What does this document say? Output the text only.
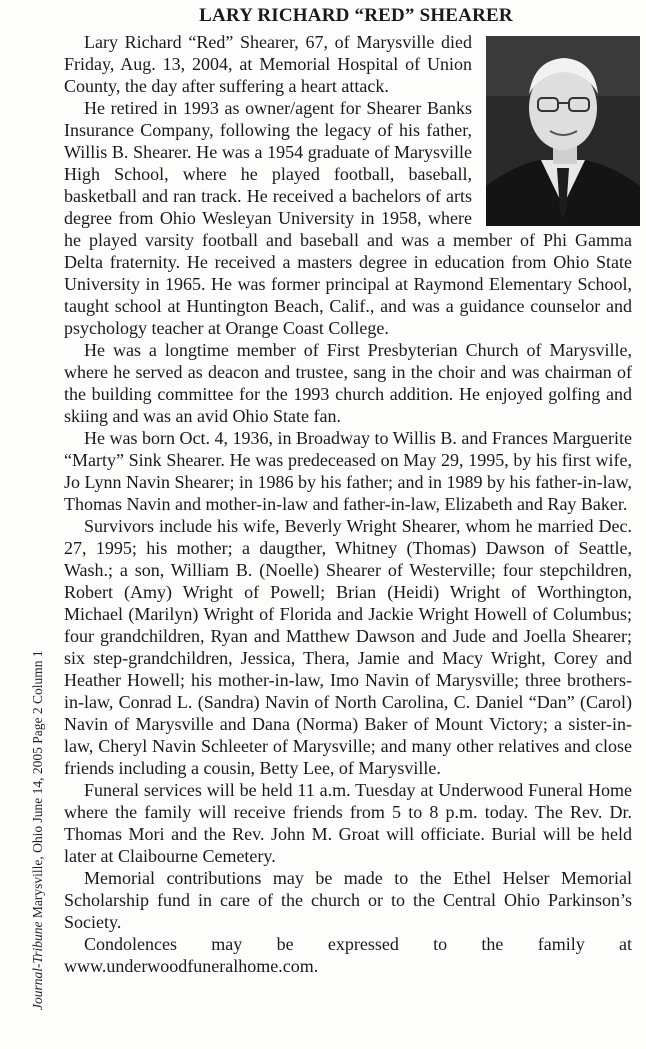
Journal-Tribune Marysville, Ohio June 14, 2005 Page 2 Column 1
LARY RICHARD “RED” SHEARER

Lary Richard “Red” Shearer, 67, of Marysville died Friday, Aug. 13, 2004, at Memorial Hospital of Union County, the day after suffering a heart attack.

He retired in 1993 as owner/agent for Shearer Banks Insurance Company, following the legacy of his father, Willis B. Shearer. He was a 1954 graduate of Marysville High School, where he played football, baseball, basketball and ran track. He received a bachelors of arts degree from Ohio Wesleyan University in 1958, where he played varsity football and baseball and was a member of Phi Gamma Delta fraternity. He received a masters degree in education from Ohio State University in 1965. He was former principal at Raymond Elementary School, taught school at Huntington Beach, Calif., and was a guidance counselor and psychology teacher at Orange Coast College.

He was a longtime member of First Presbyterian Church of Marysville, where he served as deacon and trustee, sang in the choir and was chairman of the building committee for the 1993 church addition. He enjoyed golfing and skiing and was an avid Ohio State fan.

He was born Oct. 4, 1936, in Broadway to Willis B. and Frances Marguerite “Marty” Sink Shearer. He was predeceased on May 29, 1995, by his first wife, Jo Lynn Navin Shearer; in 1986 by his father; and in 1989 by his father-in-law, Thomas Navin and mother-in-law and father-in-law, Elizabeth and Ray Baker.

Survivors include his wife, Beverly Wright Shearer, whom he married Dec. 27, 1995; his mother; a daugther, Whitney (Thomas) Dawson of Seattle, Wash.; a son, William B. (Noelle) Shearer of Westerville; four stepchildren, Robert (Amy) Wright of Powell; Brian (Heidi) Wright of Worthington, Michael (Marilyn) Wright of Florida and Jackie Wright Howell of Columbus; four grandchildren, Ryan and Matthew Dawson and Jude and Joella Shearer; six step-grandchildren, Jessica, Thera, Jamie and Macy Wright, Corey and Heather Howell; his mother-in-law, Imo Navin of Marysville; three brothers-in-law, Conrad L. (Sandra) Navin of North Carolina, C. Daniel “Dan” (Carol) Navin of Marysville and Dana (Norma) Baker of Mount Victory; a sister-in-law, Cheryl Navin Schleeter of Marysville; and many other relatives and close friends including a cousin, Betty Lee, of Marysville.

Funeral services will be held 11 a.m. Tuesday at Underwood Funeral Home where the family will receive friends from 5 to 8 p.m. today. The Rev. Dr. Thomas Mori and the Rev. John M. Groat will officiate. Burial will be held later at Claibourne Cemetery.

Memorial contributions may be made to the Ethel Helser Memorial Scholarship fund in care of the church or to the Central Ohio Parkinson’s Society.

Condolences may be expressed to the family at www.underwoodfuneralhome.com.
